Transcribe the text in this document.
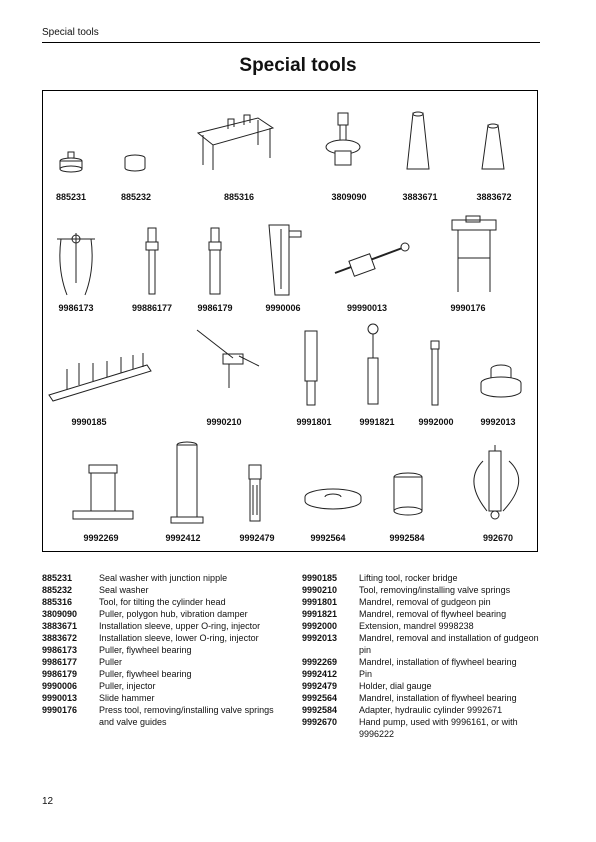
Special tools
Special tools
885231	885232	885316	3809090	3883671	3883672
9986173	99886177	9986179	9990006	99990013	9990176
9990185	9990210	9991801	9991821	9992000	9992013
9992269	9992412	9992479	9992564	9992584	992670
885231	Seal washer with junction nipple
885232	Seal washer
885316	Tool, for tilting the cylinder head
3809090	Puller, polygon hub, vibration damper
3883671	Installation sleeve, upper O-ring, injector
3883672	Installation sleeve, lower O-ring, injector
9986173	Puller, flywheel bearing
9986177	Puller
9986179	Puller, flywheel bearing
9990006	Puller, injector
9990013	Slide hammer
9990176	Press tool, removing/installing valve springs and valve guides
9990185	Lifting tool, rocker bridge
9990210	Tool, removing/installing valve springs
9991801	Mandrel, removal of gudgeon pin
9991821	Mandrel, removal of flywheel bearing
9992000	Extension, mandrel 9998238
9992013	Mandrel, removal and installation of gudgeon pin
9992269	Mandrel, installation of flywheel bearing
9992412	Pin
9992479	Holder, dial gauge
9992564	Mandrel, installation of flywheel bearing
9992584	Adapter, hydraulic cylinder 9992671
9992670	Hand pump, used with 9996161, or with 9996222
12
